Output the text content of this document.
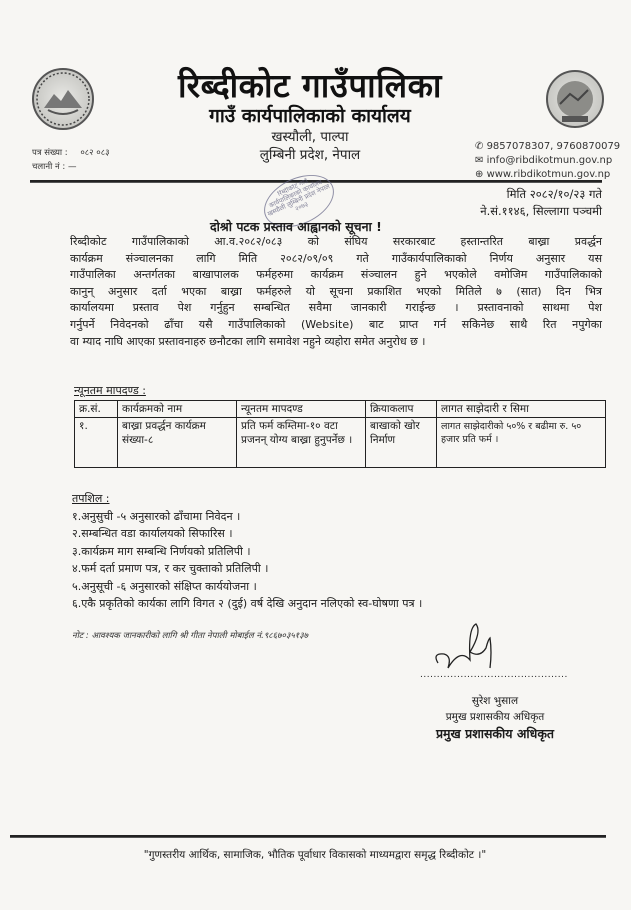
रिब्दीकोट गाउँपालिका
गाउँ कार्यपालिकाको कार्यालय
खस्यौली, पाल्पा
लुम्बिनी प्रदेश, नेपाल
पत्र संख्या : ०८२ ०८३
चलानी नं : —
✆ 9857078307, 9760870079
✉ info@ribdikotmun.gov.np
⊕ www.ribdikotmun.gov.np
रिब्दीकोट गाउँ कार्यपालिकाको कार्यालय खस्यौली लुम्बिनी प्रदेश नेपाल २०७३
मिति २०८२/१०/२३ गते
ने.सं.११४६, सिल्लागा पञ्चमी
दोश्रो पटक प्रस्ताव आह्वानको सूचना !
रिब्दीकोट गाउँपालिकाको आ.व.२०८२/०८३ को संघिय सरकारबाट हस्तान्तरित बाख्रा प्रवर्द्धन
कार्यक्रम संञ्चालनका लागि मिति २०८२/०९/०९ गते गाउँकार्यपालिकाको निर्णय अनुसार यस
गाउँपालिका अन्तर्गतका बाखापालक फर्महरुमा कार्यक्रम संञ्चालन हुने भएकोले वमोजिम गाउँपालिकाको
कानुन् अनुसार दर्ता भएका बाख्रा फर्महरुले यो सूचना प्रकाशित भएको मितिले ७ (सात) दिन भित्र
कार्यालयमा प्रस्ताव पेश गर्नुहुन सम्बन्धित सवैमा जानकारी गराईन्छ । प्रस्तावनाको साथमा पेश
गर्नुपर्ने निवेदनको ढाँचा यसै गाउँपालिकाको (Website) बाट प्राप्त गर्न सकिनेछ साथै रित नपुगेका
वा म्याद नाघि आएका प्रस्तावनाहरु छनौटका लागि समावेश नहुने व्यहोरा समेत अनुरोध छ ।
न्यूनतम मापदण्ड :
क्र.सं.	कार्यक्रमको नाम	न्यूनतम मापदण्ड	क्रियाकलाप	लागत साझेदारी र सिमा
१.	बाख्रा प्रवर्द्धन कार्यक्रम संख्या-८	प्रति फर्म कम्तिमा-१० वटा प्रजनन् योग्य बाख्रा हुनुपर्नेछ ।	बाखाको खोर निर्माण	लागत साझेदारीको ५०% र बढीमा रु. ५० हजार प्रति फर्म ।
तपशिल :
१.अनुसुची -५ अनुसारको ढाँचामा निवेदन ।
२.सम्बन्धित वडा कार्यालयको सिफारिस ।
३.कार्यक्रम माग सम्बन्धि निर्णयको प्रतिलिपी ।
४.फर्म दर्ता प्रमाण पत्र, र कर चुक्ताको प्रतिलिपी ।
५.अनुसूची -६ अनुसारको संक्षिप्त कार्ययोजना ।
६.एकै प्रकृतिको कार्यका लागि विगत २ (दुई) वर्ष देखि अनुदान नलिएको स्व-घोषणा पत्र ।
नोट : आवश्यक जानकारीको लागि श्री गीता नेपाली मोबाईल नं.९८६७०३५१३७
............................................
सुरेश भुसाल
प्रमुख प्रशासकीय अधिकृत
प्रमुख प्रशासकीय अधिकृत
"गुणस्तरीय आर्थिक, सामाजिक, भौतिक पूर्वाधार विकासको माध्यमद्वारा समृद्ध रिब्दीकोट ।"
